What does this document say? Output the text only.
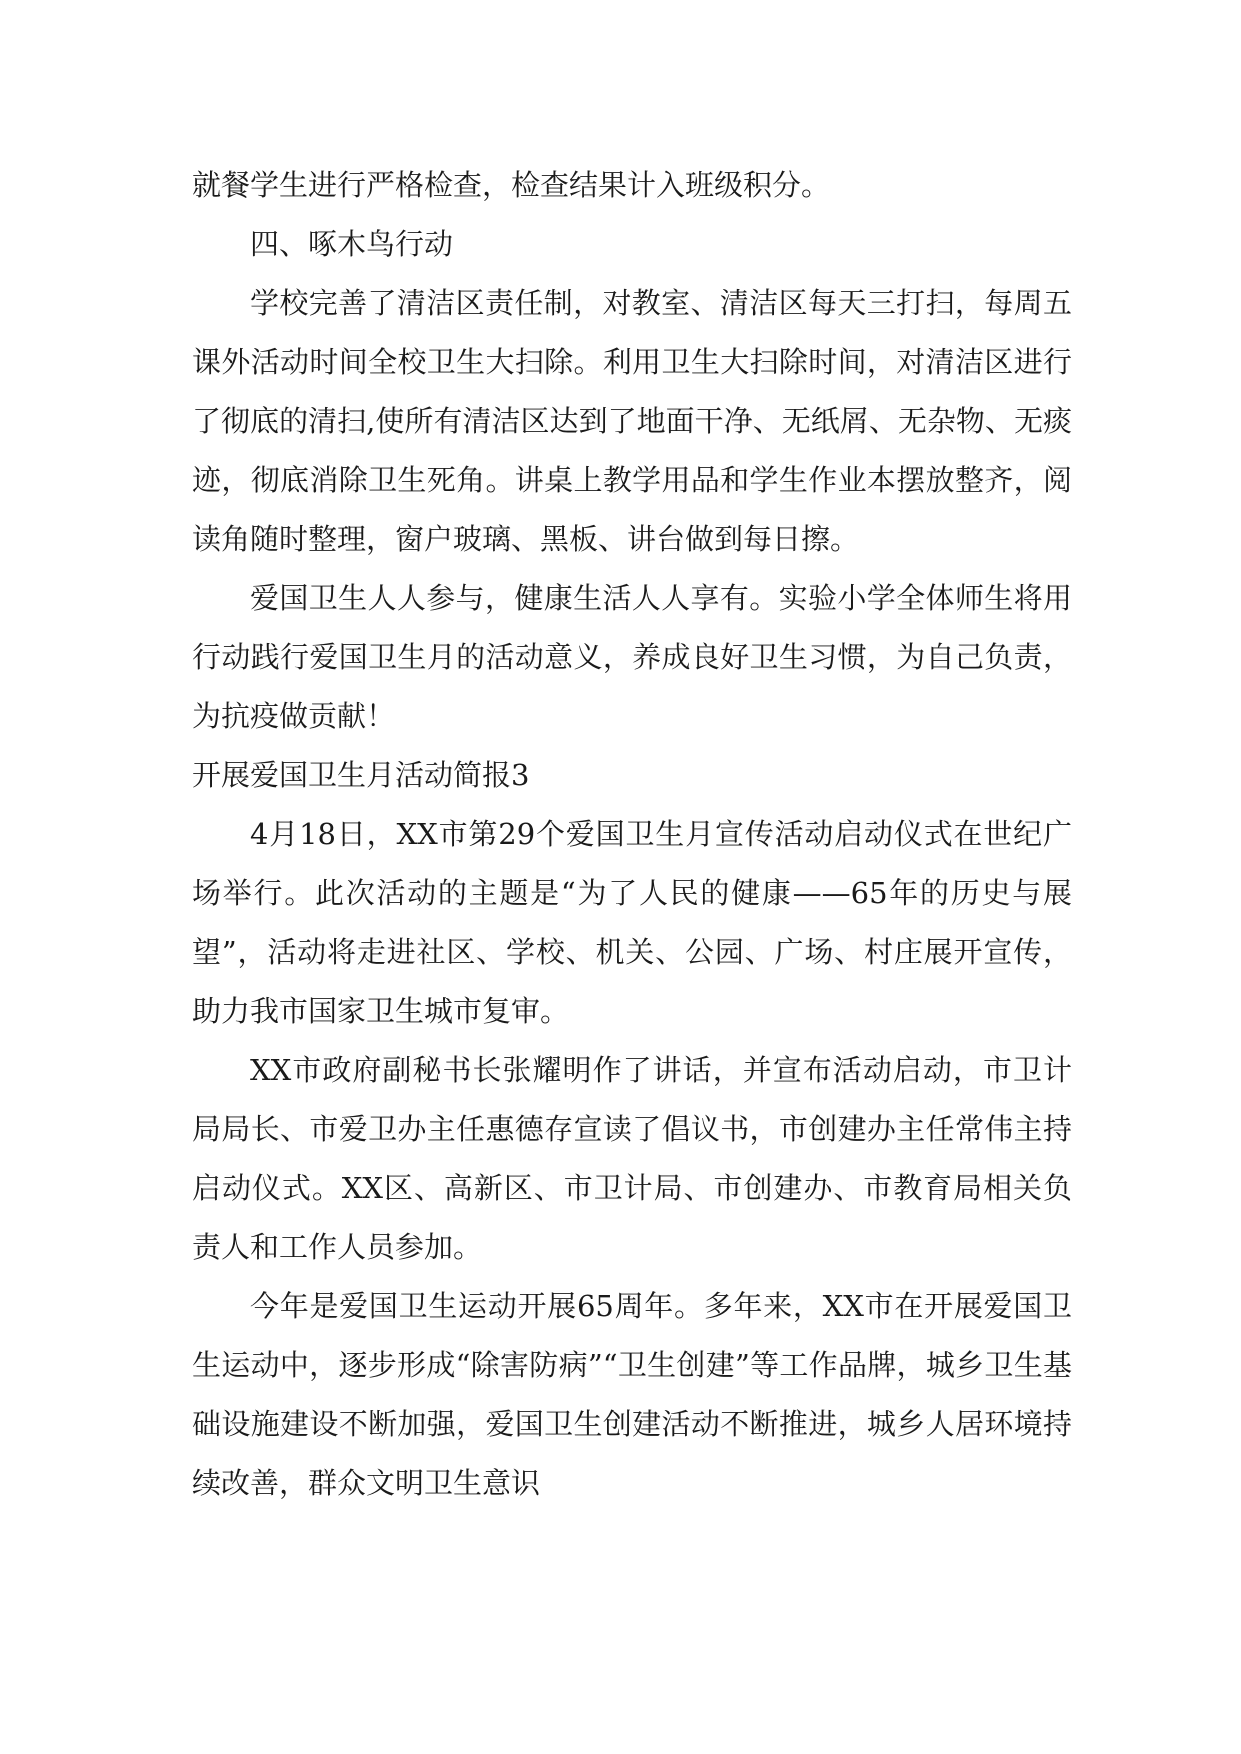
就餐学生进行严格检查，检查结果计入班级积分。

四、啄木鸟行动

学校完善了清洁区责任制，对教室、清洁区每天三打扫，每周五课外活动时间全校卫生大扫除。利用卫生大扫除时间，对清洁区进行了彻底的清扫,使所有清洁区达到了地面干净、无纸屑、无杂物、无痰迹，彻底消除卫生死角。讲桌上教学用品和学生作业本摆放整齐，阅读角随时整理，窗户玻璃、黑板、讲台做到每日擦。

爱国卫生人人参与，健康生活人人享有。实验小学全体师生将用行动践行爱国卫生月的活动意义，养成良好卫生习惯，为自己负责，为抗疫做贡献！

开展爱国卫生月活动简报3

4月18日，XX市第29个爱国卫生月宣传活动启动仪式在世纪广场举行。此次活动的主题是“为了人民的健康——65年的历史与展望”，活动将走进社区、学校、机关、公园、广场、村庄展开宣传，助力我市国家卫生城市复审。

XX市政府副秘书长张耀明作了讲话，并宣布活动启动，市卫计局局长、市爱卫办主任惠德存宣读了倡议书，市创建办主任常伟主持启动仪式。XX区、高新区、市卫计局、市创建办、市教育局相关负责人和工作人员参加。

今年是爱国卫生运动开展65周年。多年来，XX市在开展爱国卫生运动中，逐步形成“除害防病”“卫生创建”等工作品牌，城乡卫生基础设施建设不断加强，爱国卫生创建活动不断推进，城乡人居环境持续改善，群众文明卫生意识
